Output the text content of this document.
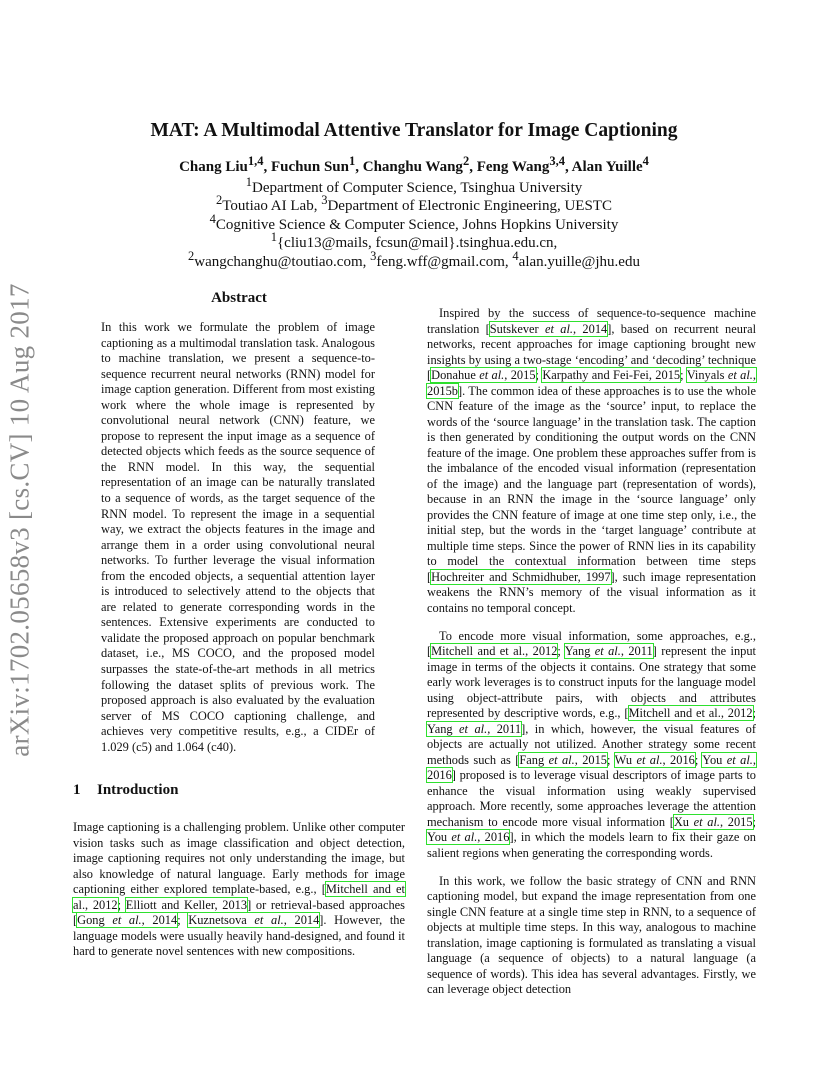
arXiv:1702.05658v3 [cs.CV] 10 Aug 2017
MAT: A Multimodal Attentive Translator for Image Captioning
Chang Liu$^{1,4}$, Fuchun Sun$^1$, Changhu Wang$^2$, Feng Wang$^{3,4}$, Alan Yuille$^4$
$^1$Department of Computer Science, Tsinghua University
$^2$Toutiao AI Lab, $^3$Department of Electronic Engineering, UESTC
$^4$Cognitive Science & Computer Science, Johns Hopkins University
$^1${cliu13@mails, fcsun@mail}.tsinghua.edu.cn,
$^2$wangchanghu@toutiao.com, $^3$feng.wff@gmail.com, $^4$alan.yuille@jhu.edu
Abstract

In this work we formulate the problem of image captioning as a multimodal translation task. Analogous to machine translation, we present a sequence-to-sequence recurrent neural networks (RNN) model for image caption generation. Different from most existing work where the whole image is represented by convolutional neural network (CNN) feature, we propose to represent the input image as a sequence of detected objects which feeds as the source sequence of the RNN model. In this way, the sequential representation of an image can be naturally translated to a sequence of words, as the target sequence of the RNN model. To represent the image in a sequential way, we extract the objects features in the image and arrange them in a order using convolutional neural networks. To further leverage the visual information from the encoded objects, a sequential attention layer is introduced to selectively attend to the objects that are related to generate corresponding words in the sentences. Extensive experiments are conducted to validate the proposed approach on popular benchmark dataset, i.e., MS COCO, and the proposed model surpasses the state-of-the-art methods in all metrics following the dataset splits of previous work. The proposed approach is also evaluated by the evaluation server of MS COCO captioning challenge, and achieves very competitive results, e.g., a CIDEr of 1.029 (c5) and 1.064 (c40).

1 Introduction

Image captioning is a challenging problem. Unlike other computer vision tasks such as image classification and object detection, image captioning requires not only understanding the image, but also knowledge of natural language. Early methods for image captioning either explored template-based, e.g., [Mitchell and et al., 2012; Elliott and Keller, 2013] or retrieval-based approaches [Gong et al., 2014; Kuznetsova et al., 2014]. However, the language models were usually heavily hand-designed, and found it hard to generate novel sentences with new compositions.

Inspired by the success of sequence-to-sequence machine translation [Sutskever et al., 2014], based on recurrent neural networks, recent approaches for image captioning brought new insights by using a two-stage ‘encoding’ and ‘decoding’ technique [Donahue et al., 2015; Karpathy and Fei-Fei, 2015; Vinyals et al., 2015b]. The common idea of these approaches is to use the whole CNN feature of the image as the ‘source’ input, to replace the words of the ‘source language’ in the translation task. The caption is then generated by conditioning the output words on the CNN feature of the image. One problem these approaches suffer from is the imbalance of the encoded visual information (representation of the image) and the language part (representation of words), because in an RNN the image in the ‘source language’ only provides the CNN feature of image at one time step only, i.e., the initial step, but the words in the ‘target language’ contribute at multiple time steps. Since the power of RNN lies in its capability to model the contextual information between time steps [Hochreiter and Schmidhuber, 1997], such image representation weakens the RNN’s memory of the visual information as it contains no temporal concept.

To encode more visual information, some approaches, e.g., [Mitchell and et al., 2012; Yang et al., 2011] represent the input image in terms of the objects it contains. One strategy that some early work leverages is to construct inputs for the language model using object-attribute pairs, with objects and attributes represented by descriptive words, e.g., [Mitchell and et al., 2012; Yang et al., 2011], in which, however, the visual features of objects are actually not utilized. Another strategy some recent methods such as [Fang et al., 2015; Wu et al., 2016; You et al., 2016] proposed is to leverage visual descriptors of image parts to enhance the visual information using weakly supervised approach. More recently, some approaches leverage the attention mechanism to encode more visual information [Xu et al., 2015; You et al., 2016], in which the models learn to fix their gaze on salient regions when generating the corresponding words.

In this work, we follow the basic strategy of CNN and RNN captioning model, but expand the image representation from one single CNN feature at a single time step in RNN, to a sequence of objects at multiple time steps. In this way, analogous to machine translation, image captioning is formulated as translating a visual language (a sequence of objects) to a natural language (a sequence of words). This idea has several advantages. Firstly, we can leverage object detection
